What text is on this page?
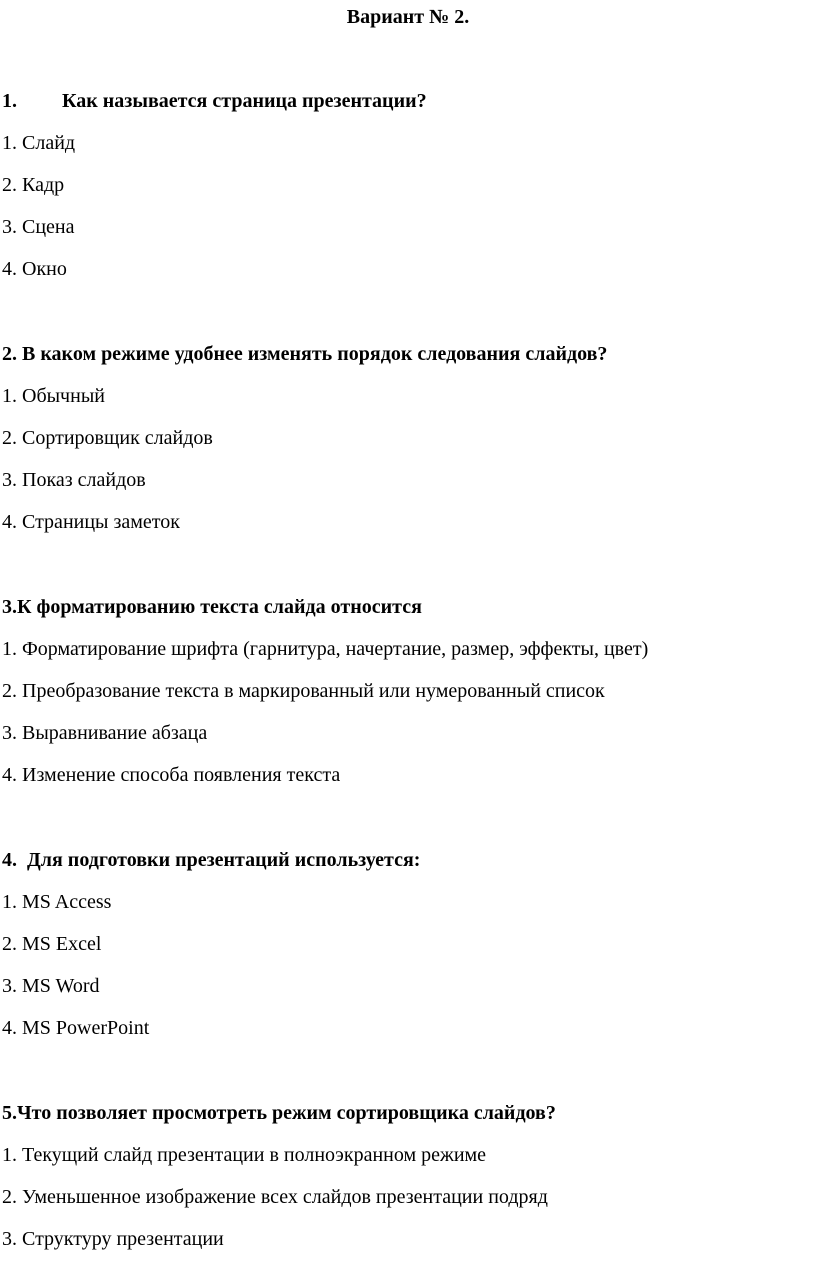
Вариант № 2.
1. Как называется страница презентации?
1. Слайд
2. Кадр
3. Сцена
4. Окно
2. В каком режиме удобнее изменять порядок следования слайдов?
1. Обычный
2. Сортировщик слайдов
3. Показ слайдов
4. Страницы заметок
3.К форматированию текста слайда относится
1. Форматирование шрифта (гарнитура, начертание, размер, эффекты, цвет)
2. Преобразование текста в маркированный или нумерованный список
3. Выравнивание абзаца
4. Изменение способа появления текста
4.  Для подготовки презентаций используется:
1. MS Access
2. MS Excel
3. MS Word
4. MS PowerPoint
5.Что позволяет просмотреть режим сортировщика слайдов?
1. Текущий слайд презентации в полноэкранном режиме
2. Уменьшенное изображение всех слайдов презентации подряд
3. Структуру презентации
